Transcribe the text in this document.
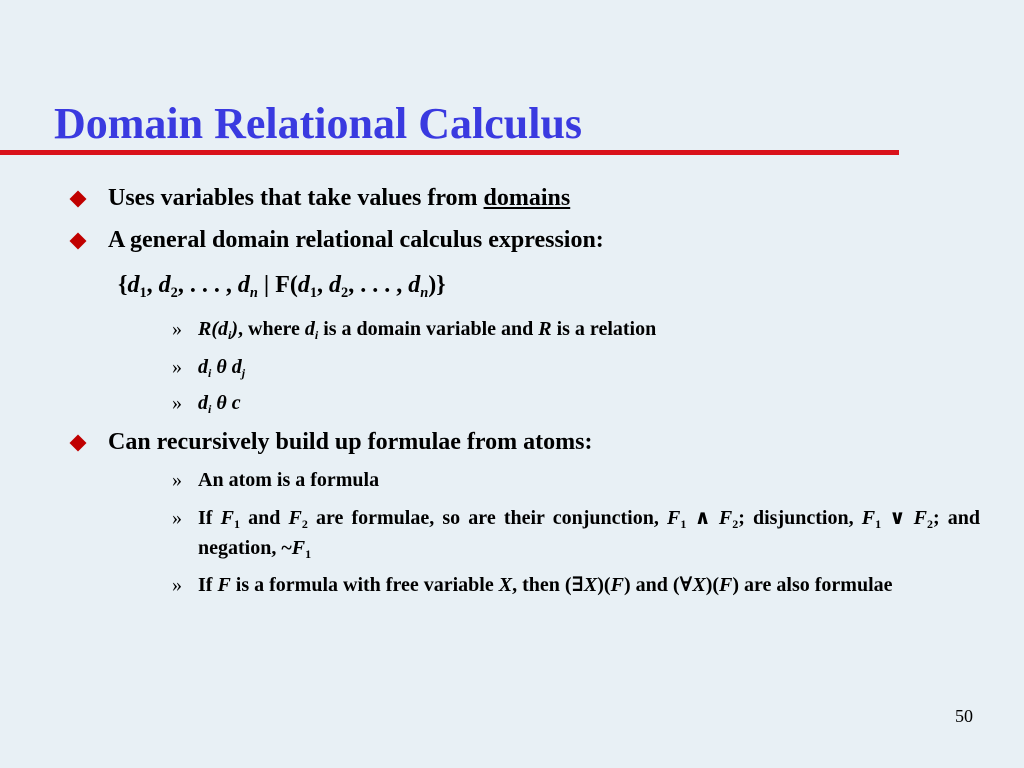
Domain Relational Calculus
Uses variables that take values from domains
A general domain relational calculus expression:
{$d_1$, $d_2$, . . . , $d_n$ | $F(d_1$, $d_2$, . . . , $d_n$)}
» $R(d_i)$, where $d_i$ is a domain variable and R is a relation
» $d_i$ θ $d_j$
» $d_i$ θ c
Can recursively build up formulae from atoms:
» An atom is a formula
» If $F_1$ and $F_2$ are formulae, so are their conjunction, $F_1$ ∧ $F_2$; disjunction, $F_1$ ∨ $F_2$; and negation, $\sim F_1$
» If F is a formula with free variable X, then (∃X)(F) and (∀X)(F) are also formulae
50
